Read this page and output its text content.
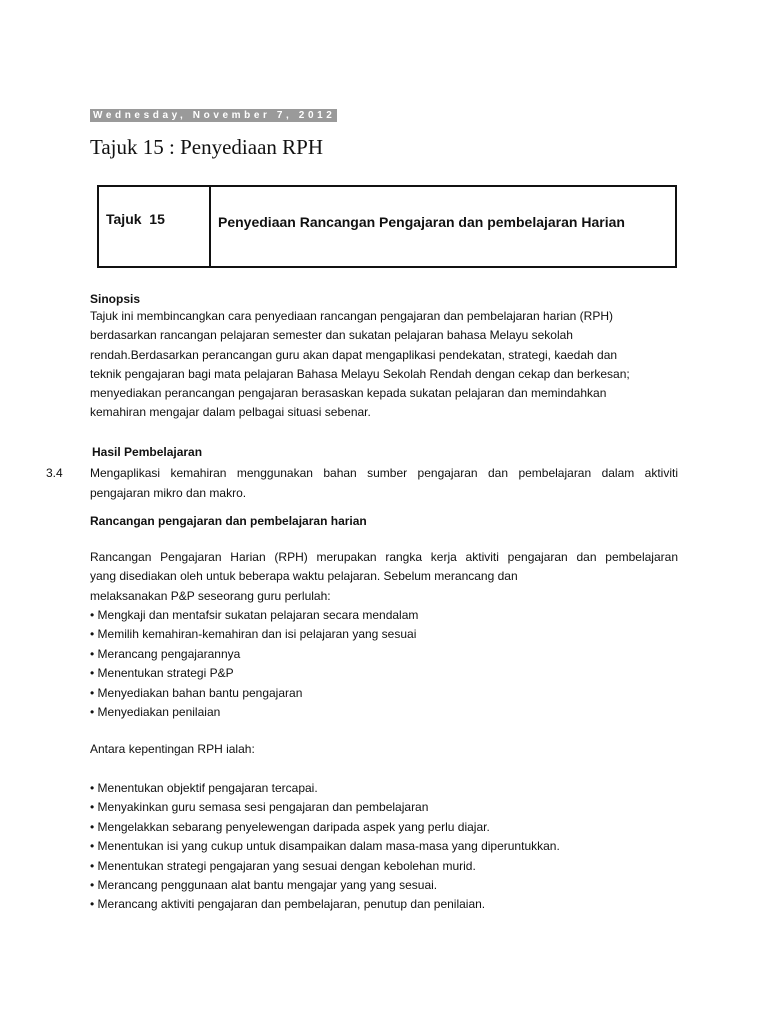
Wednesday, November 7, 2012
Tajuk 15 : Penyediaan RPH
Tajuk  15	Penyediaan Rancangan Pengajaran dan pembelajaran Harian
Sinopsis
Tajuk ini membincangkan cara penyediaan rancangan pengajaran dan pembelajaran harian (RPH)
berdasarkan rancangan pelajaran semester dan sukatan pelajaran bahasa Melayu sekolah
rendah.Berdasarkan perancangan guru akan dapat mengaplikasi pendekatan, strategi, kaedah dan
teknik pengajaran bagi mata pelajaran Bahasa Melayu Sekolah Rendah dengan cekap dan berkesan;
menyediakan perancangan pengajaran berasaskan kepada sukatan pelajaran dan memindahkan
kemahiran mengajar dalam pelbagai situasi sebenar.
Hasil Pembelajaran
3.4 Mengaplikasi kemahiran menggunakan bahan sumber pengajaran dan pembelajaran dalam aktiviti
pengajaran mikro dan makro.
Rancangan pengajaran dan pembelajaran harian
Rancangan Pengajaran Harian (RPH) merupakan rangka kerja aktiviti pengajaran dan pembelajaran
yang disediakan oleh untuk beberapa waktu pelajaran. Sebelum merancang dan
melaksanakan P&P seseorang guru perlulah:
• Mengkaji dan mentafsir sukatan pelajaran secara mendalam
• Memilih kemahiran-kemahiran dan isi pelajaran yang sesuai
• Merancang pengajarannya
• Menentukan strategi P&P
• Menyediakan bahan bantu pengajaran
• Menyediakan penilaian
Antara kepentingan RPH ialah:
• Menentukan objektif pengajaran tercapai.
• Menyakinkan guru semasa sesi pengajaran dan pembelajaran
• Mengelakkan sebarang penyelewengan daripada aspek yang perlu diajar.
• Menentukan isi yang cukup untuk disampaikan dalam masa-masa yang diperuntukkan.
• Menentukan strategi pengajaran yang sesuai dengan kebolehan murid.
• Merancang penggunaan alat bantu mengajar yang yang sesuai.
• Merancang aktiviti pengajaran dan pembelajaran, penutup dan penilaian.
